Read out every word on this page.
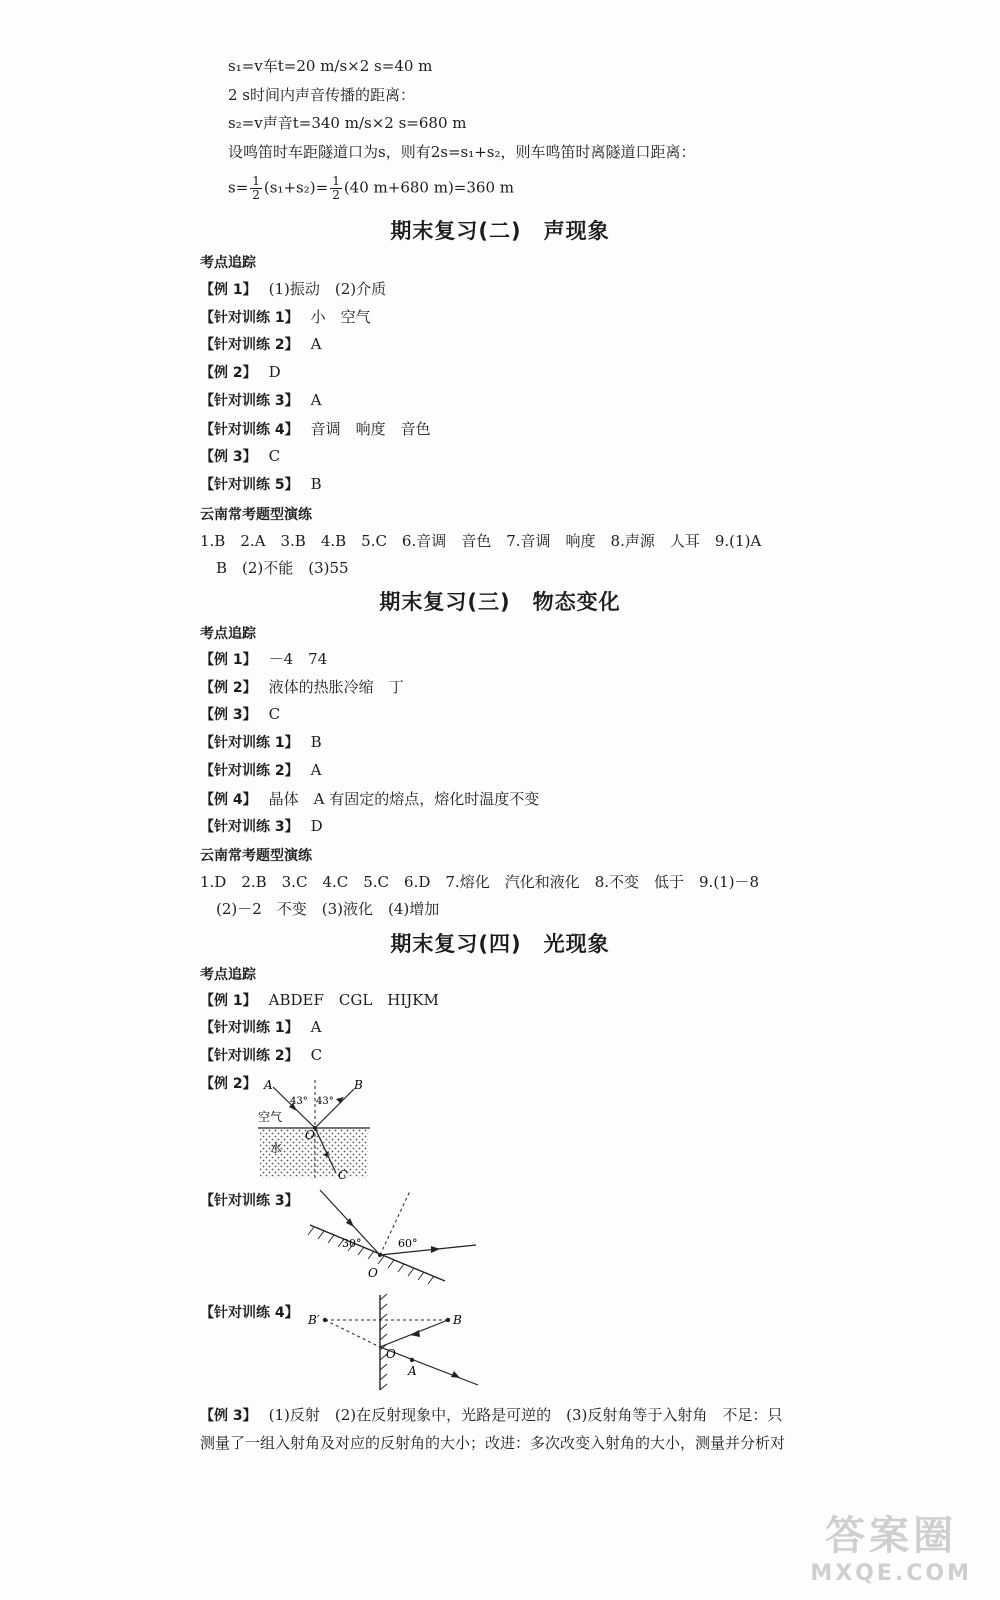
s₁=v车t=20 m/s×2 s=40 m
2 s时间内声音传播的距离：
s₂=v声音t=340 m/s×2 s=680 m
设鸣笛时车距隧道口为s，则有2s=s₁+s₂，则车鸣笛时离隧道口距离：
$s= \frac{1}{2} (s_1+s_2)= \frac{1}{2} (40$ m+680 m)=360 m
期末复习(二)　声现象
考点追踪
【例 1】 (1)振动　(2)介质
【针对训练 1】 小　空气
【针对训练 2】 A
【例 2】 D
【针对训练 3】 A
【针对训练 4】 音调　响度　音色
【例 3】 C
【针对训练 5】 B
云南常考题型演练
1.B　2.A　3.B　4.B　5.C　6.音调　音色　7.音调　响度　8.声源　人耳　9.(1)A
B　(2)不能　(3)55
期末复习(三)　物态变化
考点追踪
【例 1】 －4　74
【例 2】 液体的热胀冷缩　丁
【例 3】 C
【针对训练 1】 B
【针对训练 2】 A
【例 4】 晶体　A 有固定的熔点，熔化时温度不变
【针对训练 3】 D
云南常考题型演练
1.D　2.B　3.C　4.C　5.C　6.D　7.熔化　汽化和液化　8.不变　低于　9.(1)－8
(2)－2　不变　(3)液化　(4)增加
期末复习(四)　光现象
考点追踪
【例 1】 ABDEF　CGL　HIJKM
【针对训练 1】 A
【针对训练 2】 C
【例 2】 A	B
43° 43°
空气
O
水
C
【针对训练 3】
30°	60°
O
【针对训练 4】 B′	B
O
A
【例 3】 (1)反射　(2)在反射现象中，光路是可逆的　(3)反射角等于入射角　不足：只
测量了一组入射角及对应的反射角的大小；改进：多次改变入射角的大小，测量并分析对
答案圈
MXQE.COM
